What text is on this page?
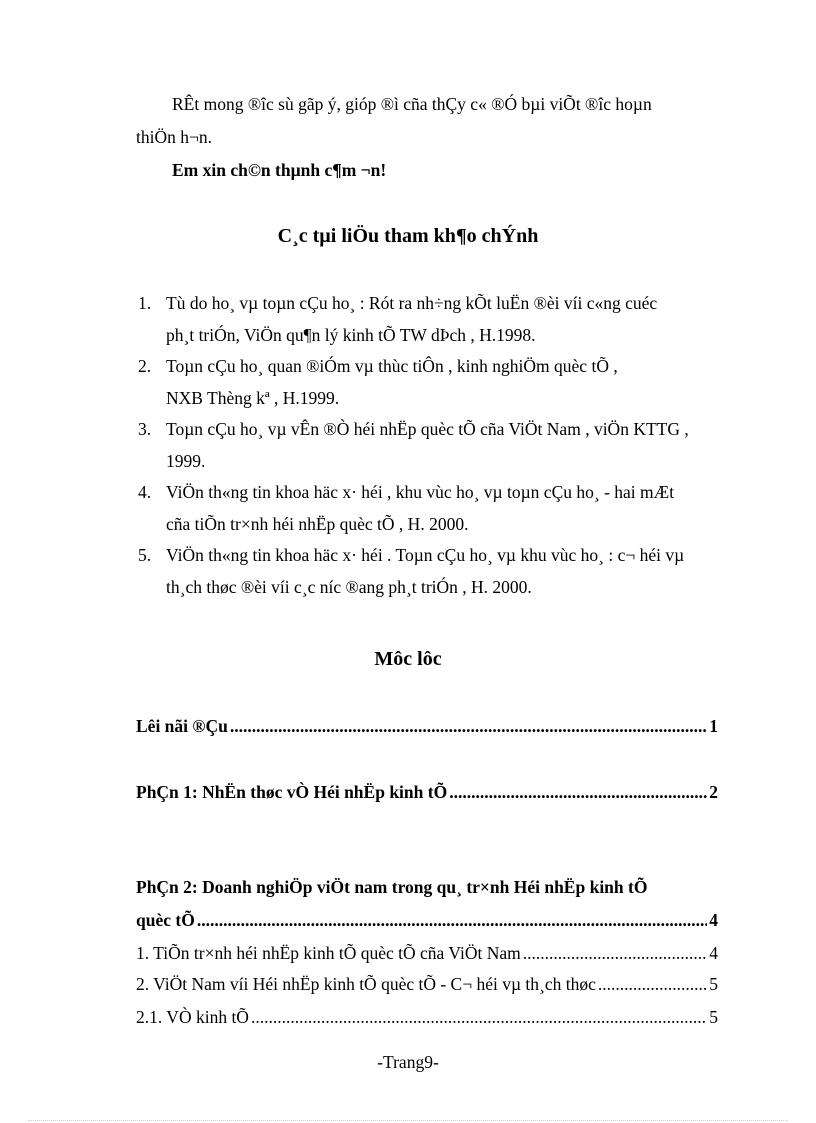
RÊt mong ®îc sù gãp ý, gióp ®ì cña thÇy c« ®Ó bµi viÕt ®îc hoµn
thiÖn h¬n.
Em xin ch©n thµnh c¶m ¬n!
C¸c tµi liÖu tham kh¶o chÝnh
1. Tù do ho¸ vµ toµn cÇu ho¸ : Rót ra nh÷ng kÕt luËn ®èi víi c«ng cuéc
ph¸t triÓn, ViÖn qu¶n lý kinh tÕ TW dÞch , H.1998.
2. Toµn cÇu ho¸ quan ®iÓm vµ thùc tiÔn , kinh nghiÖm quèc tÕ ,
NXB Thèng kª , H.1999.
3. Toµn cÇu ho¸ vµ vÊn ®Ò héi nhËp quèc tÕ cña ViÖt Nam , viÖn KTTG ,
1999.
4. ViÖn th«ng tin khoa häc x· héi , khu vùc ho¸ vµ toµn cÇu ho¸ - hai mÆt
cña tiÕn tr×nh héi nhËp quèc tÕ , H. 2000.
5. ViÖn th«ng tin khoa häc x· héi . Toµn cÇu ho¸ vµ khu vùc ho¸ : c¬ héi vµ
th¸ch thøc ®èi víi c¸c níc ®ang ph¸t triÓn , H. 2000.
Môc lôc
Lêi nãi ®Çu .....	1
PhÇn 1: NhËn thøc vÒ Héi nhËp kinh tÕ .....	2
PhÇn 2: Doanh nghiÖp viÖt nam trong qu¸ tr×nh Héi nhËp kinh tÕ
quèc tÕ .....	4
1. TiÕn tr×nh héi nhËp kinh tÕ quèc tÕ cña ViÖt Nam .....	4
2. ViÖt Nam víi Héi nhËp kinh tÕ quèc tÕ - C¬ héi vµ th¸ch thøc .....	5
2.1. VÒ kinh tÕ .....	5
-Trang9-
